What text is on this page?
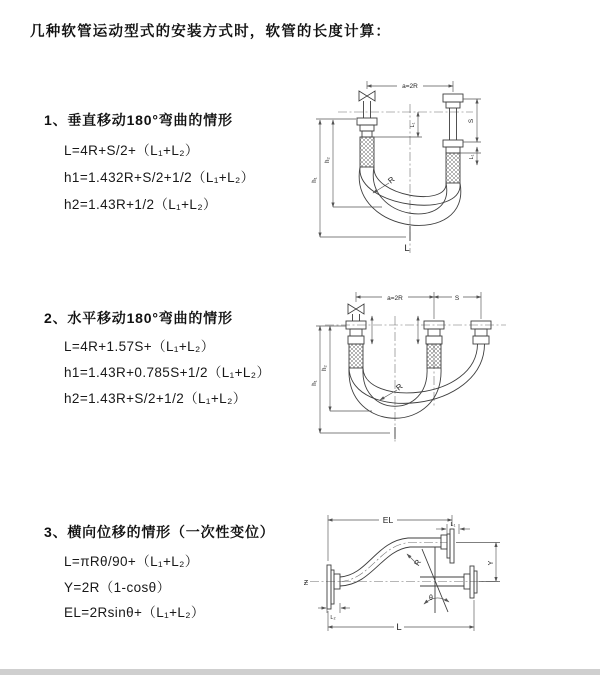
几种软管运动型式的安装方式时，软管的长度计算：
1、垂直移动180°弯曲的情形
L=4R+S/2+（L₁+L₂）
h1=1.432R+S/2+1/2（L₁+L₂）
h2=1.43R+1/2（L₁+L₂）
2、水平移动180°弯曲的情形
L=4R+1.57S+（L₁+L₂）
h1=1.43R+0.785S+1/2（L₁+L₂）
h2=1.43R+S/2+1/2（L₁+L₂）
3、横向位移的情形（一次性变位）
L=πRθ/90+（L₁+L₂）
Y=2R（1-cosθ）
EL=2Rsinθ+（L₁+L₂）
a=2R
S
L₁
L₁
h₁
h₂
R
L
a=2R	S
h₁
h₂
R
EL	L₁
L₂
Y
L
R
θ
Ƶ
